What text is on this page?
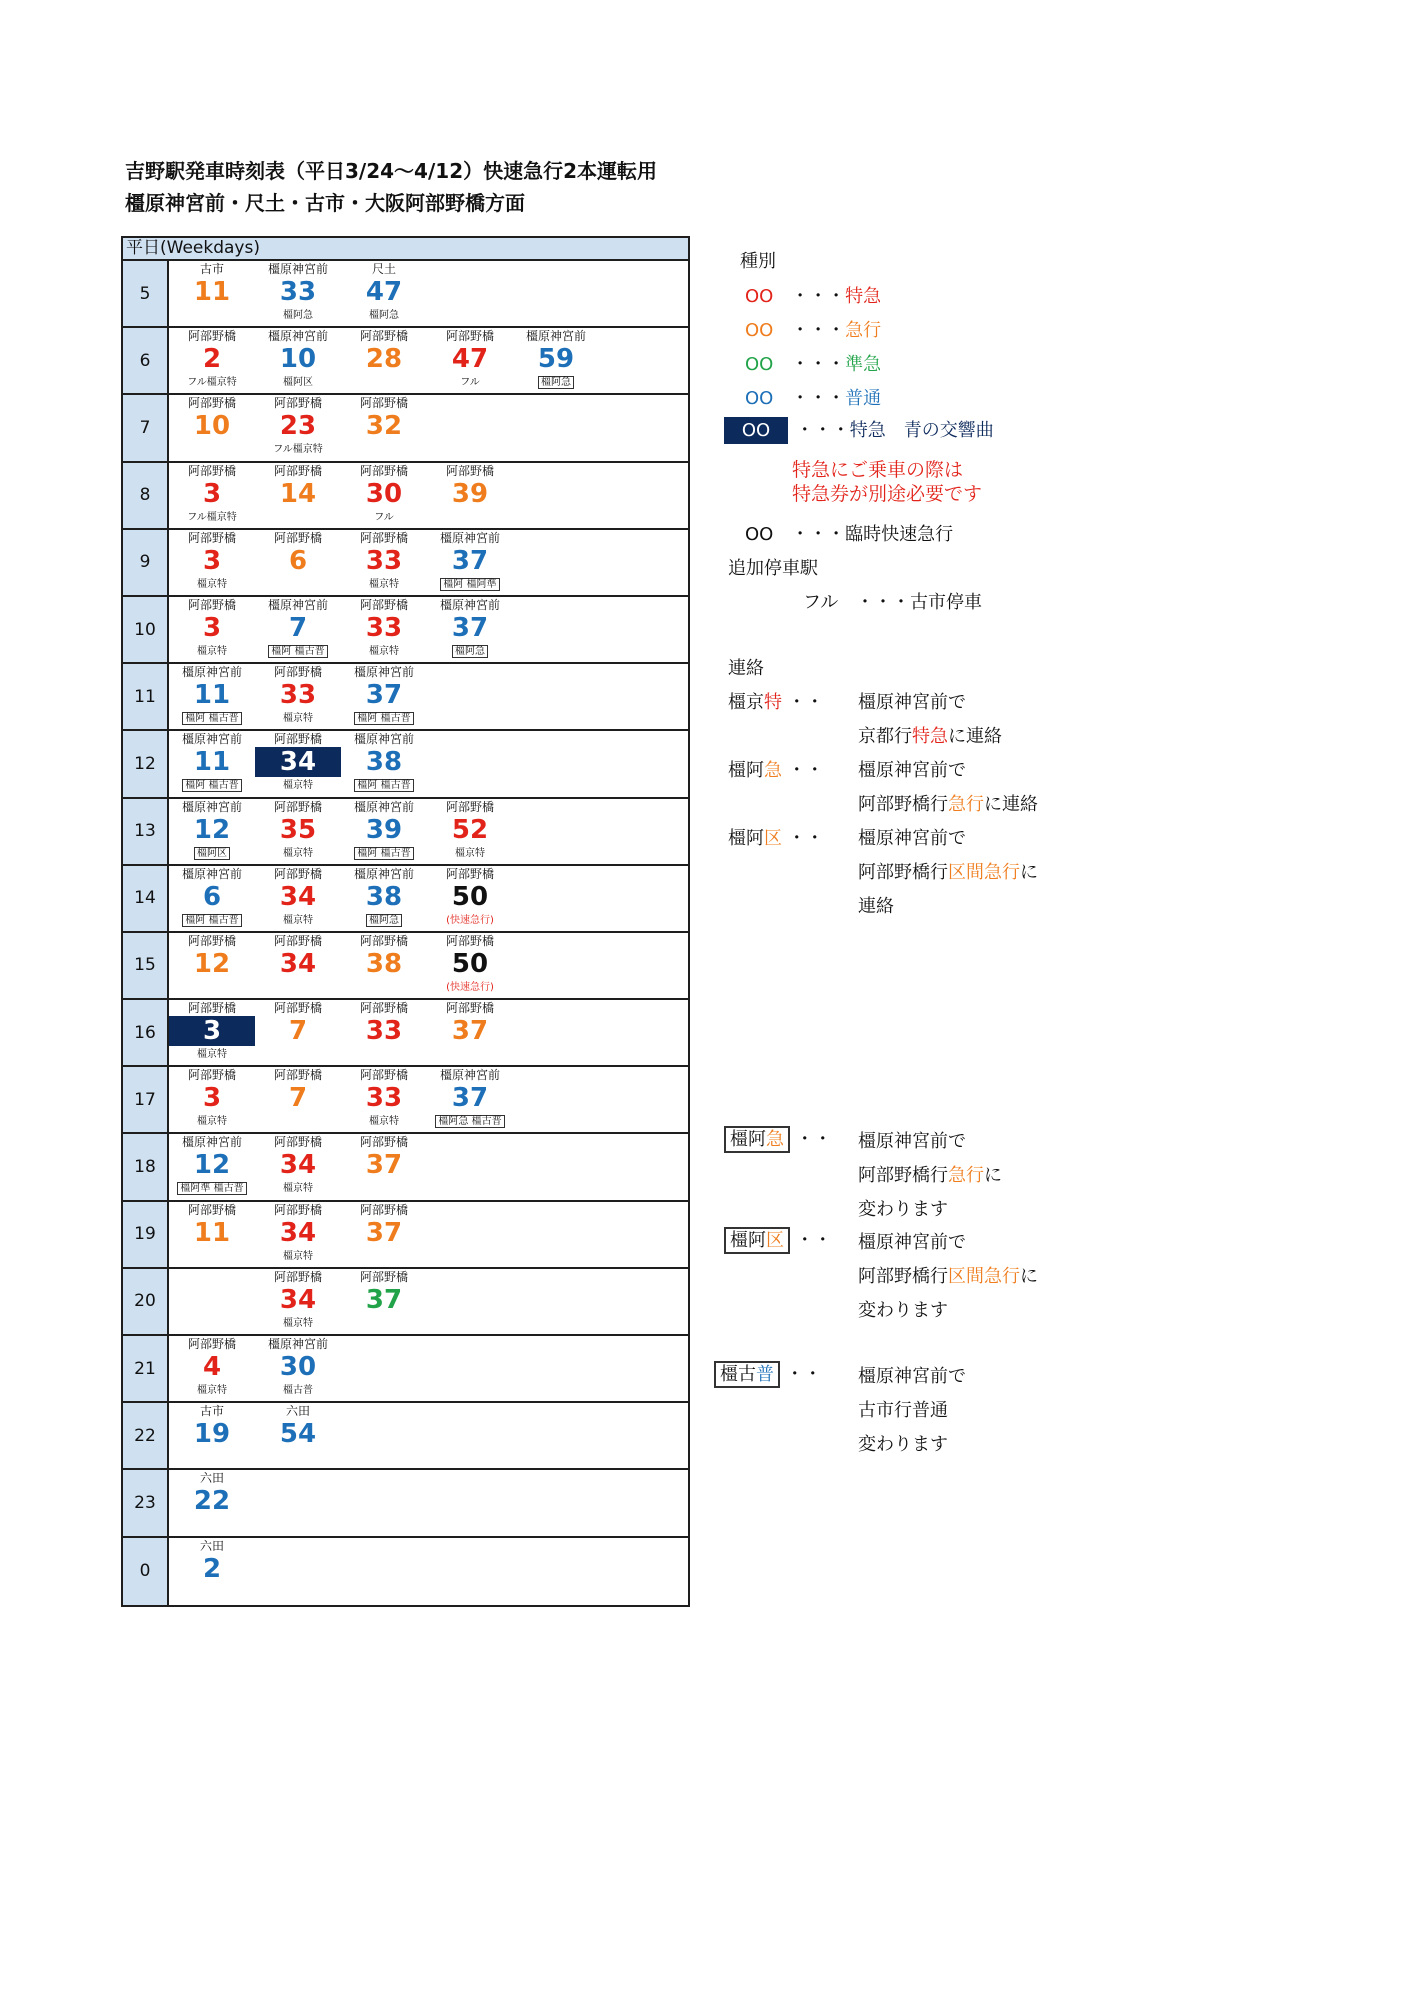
吉野駅発車時刻表（平日3/24～4/12）快速急行2本運転用
橿原神宮前・尺土・古市・大阪阿部野橋方面
平日(Weekdays)
5
古市
11
橿原神宮前
33
橿阿急
尺土
47
橿阿急
6
阿部野橋
2
フル橿京特
橿原神宮前
10
橿阿区
阿部野橋
28
阿部野橋
47
フル
橿原神宮前
59
橿阿急
7
阿部野橋
10
阿部野橋
23
フル橿京特
阿部野橋
32
8
阿部野橋
3
フル橿京特
阿部野橋
14
阿部野橋
30
フル
阿部野橋
39
9
阿部野橋
3
橿京特
阿部野橋
6
阿部野橋
33
橿京特
橿原神宮前
37
橿阿 橿阿準
10
阿部野橋
3
橿京特
橿原神宮前
7
橿阿 橿古普
阿部野橋
33
橿京特
橿原神宮前
37
橿阿急
11
橿原神宮前
11
橿阿 橿古普
阿部野橋
33
橿京特
橿原神宮前
37
橿阿 橿古普
12
橿原神宮前
11
橿阿 橿古普
阿部野橋
34
橿京特
橿原神宮前
38
橿阿 橿古普
13
橿原神宮前
12
橿阿区
阿部野橋
35
橿京特
橿原神宮前
39
橿阿 橿古普
阿部野橋
52
橿京特
14
橿原神宮前
6
橿阿 橿古普
阿部野橋
34
橿京特
橿原神宮前
38
橿阿急
阿部野橋
50
(快速急行)
15
阿部野橋
12
阿部野橋
34
阿部野橋
38
阿部野橋
50
(快速急行)
16
阿部野橋
3
橿京特
阿部野橋
7
阿部野橋
33
阿部野橋
37
17
阿部野橋
3
橿京特
阿部野橋
7
阿部野橋
33
橿京特
橿原神宮前
37
橿阿急 橿古普
18
橿原神宮前
12
橿阿準 橿古普
阿部野橋
34
橿京特
阿部野橋
37
19
阿部野橋
11
阿部野橋
34
橿京特
阿部野橋
37
20
阿部野橋
34
橿京特
阿部野橋
37
21
阿部野橋
4
橿京特
橿原神宮前
30
橿古普
22
古市
19
六田
54
23
六田
22
0
六田
2
種別
OO ・・・特急
OO ・・・急行
OO ・・・準急
OO ・・・普通
OO ・・・特急　青の交響曲
特急にご乗車の際は
特急券が別途必要です
OO ・・・臨時快速急行
追加停車駅
フル ・・・古市停車
連絡
橿京特 ・・ 橿原神宮前で
京都行特急に連絡
橿阿急 ・・ 橿原神宮前で
阿部野橋行急行に連絡
橿阿区 ・・ 橿原神宮前で
阿部野橋行区間急行に
連絡
橿阿急 ・・ 橿原神宮前で
阿部野橋行急行に
変わります
橿阿区 ・・ 橿原神宮前で
阿部野橋行区間急行に
変わります
橿古普 ・・ 橿原神宮前で
古市行普通
変わります
